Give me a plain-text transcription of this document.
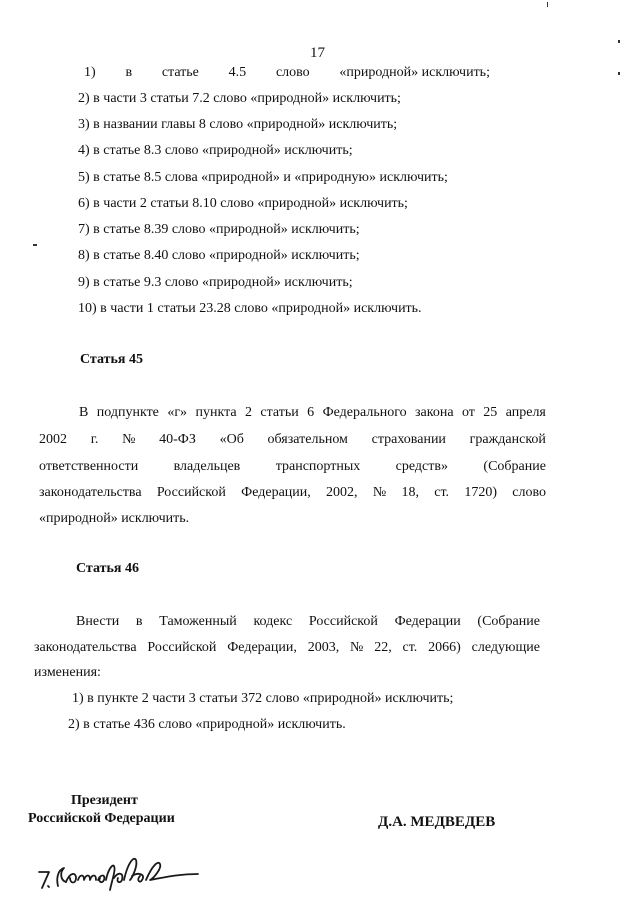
17
1) в статье 4.5 слово «природной» исключить;
2) в части 3 статьи 7.2 слово «природной» исключить;
3) в названии главы 8 слово «природной» исключить;
4) в статье 8.3 слово «природной» исключить;
5) в статье 8.5 слова «природной» и «природную» исключить;
6) в части 2 статьи 8.10 слово «природной» исключить;
7) в статье 8.39 слово «природной» исключить;
8) в статье 8.40 слово «природной» исключить;
9) в статье 9.3 слово «природной» исключить;
10) в части 1 статьи 23.28 слово «природной» исключить.
Статья 45
В подпункте «г» пункта 2 статьи 6 Федерального закона от 25 апреля
2002 г. № 40-ФЗ «Об обязательном страховании гражданской
ответственности	владельцев	транспортных	средств»	(Собрание
законодательства Российской Федерации, 2002, № 18, ст. 1720) слово
«природной» исключить.
Статья 46
Внести в Таможенный кодекс Российской Федерации (Собрание
законодательства Российской Федерации, 2003, № 22, ст. 2066) следующие
изменения:
1) в пункте 2 части 3 статьи 372 слово «природной» исключить;
2) в статье 436 слово «природной» исключить.
Президент
Российской Федерации	Д.А. МЕДВЕДЕВ
